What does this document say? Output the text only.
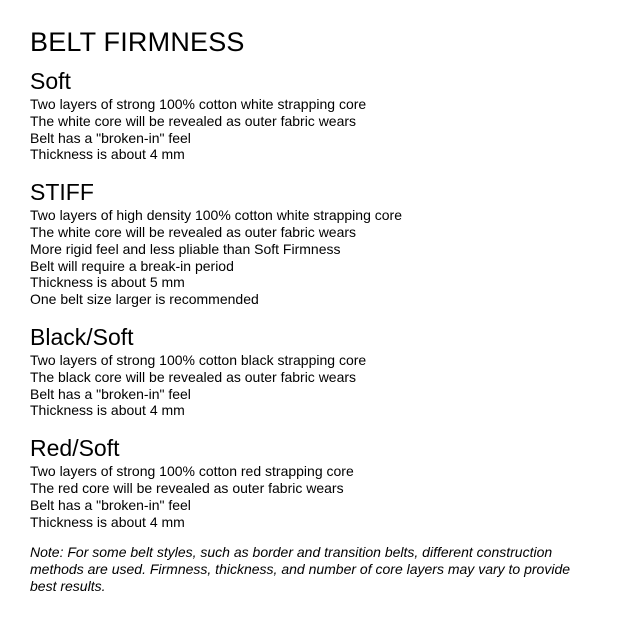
BELT FIRMNESS
Soft
Two layers of strong 100% cotton white strapping core
The white core will be revealed as outer fabric wears
Belt has a "broken-in" feel
Thickness is about 4 mm
STIFF
Two layers of high density 100% cotton white strapping core
The white core will be revealed as outer fabric wears
More rigid feel and less pliable than Soft Firmness
Belt will require a break-in period
Thickness is about 5 mm
One belt size larger is recommended
Black/Soft
Two layers of strong 100% cotton black strapping core
The black core will be revealed as outer fabric wears
Belt has a "broken-in" feel
Thickness is about 4 mm
Red/Soft
Two layers of strong 100% cotton red strapping core
The red core will be revealed as outer fabric wears
Belt has a "broken-in" feel
Thickness is about 4 mm

Note: For some belt styles, such as border and transition belts, different construction methods are used. Firmness, thickness, and number of core layers may vary to provide best results.
